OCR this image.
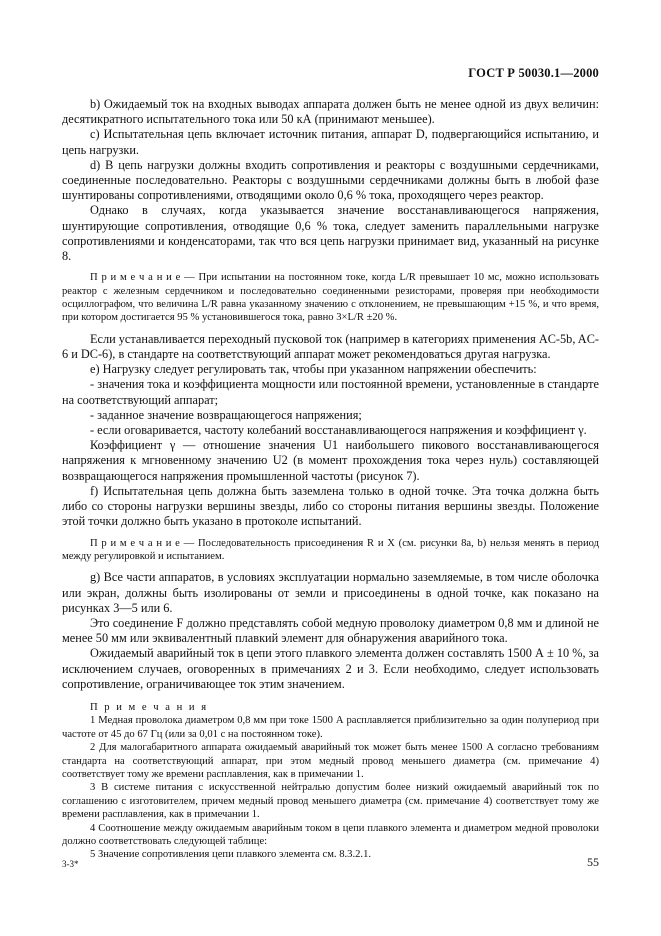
ГОСТ Р 50030.1—2000

b) Ожидаемый ток на входных выводах аппарата должен быть не менее одной из двух величин: десятикратного испытательного тока или 50 кА (принимают меньшее).

c) Испытательная цепь включает источник питания, аппарат D, подвергающийся испытанию, и цепь нагрузки.

d) В цепь нагрузки должны входить сопротивления и реакторы с воздушными сердечниками, соединенные последовательно. Реакторы с воздушными сердечниками должны быть в любой фазе шунтированы сопротивлениями, отводящими около 0,6 % тока, проходящего через реактор.

Однако в случаях, когда указывается значение восстанавливающегося напряжения, шунтирующие сопротивления, отводящие 0,6 % тока, следует заменить параллельными нагрузке сопротивлениями и конденсаторами, так что вся цепь нагрузки принимает вид, указанный на рисунке 8.

П р и м е ч а н и е — При испытании на постоянном токе, когда L/R превышает 10 мс, можно использовать реактор с железным сердечником и последовательно соединенными резисторами, проверяя при необходимости осциллографом, что величина L/R равна указанному значению с отклонением, не превышающим +15 %, и что время, при котором достигается 95 % установившегося тока, равно 3×L/R ±20 %.

Если устанавливается переходный пусковой ток (например в категориях применения AC-5b, AC-6 и DC-6), в стандарте на соответствующий аппарат может рекомендоваться другая нагрузка.

e) Нагрузку следует регулировать так, чтобы при указанном напряжении обеспечить:

- значения тока и коэффициента мощности или постоянной времени, установленные в стандарте на соответствующий аппарат;

- заданное значение возвращающегося напряжения;

- если оговаривается, частоту колебаний восстанавливающегося напряжения и коэффициент γ.

Коэффициент γ — отношение значения U1 наибольшего пикового восстанавливающегося напряжения к мгновенному значению U2 (в момент прохождения тока через нуль) составляющей возвращающегося напряжения промышленной частоты (рисунок 7).

f) Испытательная цепь должна быть заземлена только в одной точке. Эта точка должна быть либо со стороны нагрузки вершины звезды, либо со стороны питания вершины звезды. Положение этой точки должно быть указано в протоколе испытаний.

П р и м е ч а н и е — Последовательность присоединения R и X (см. рисунки 8a, b) нельзя менять в период между регулировкой и испытанием.

g) Все части аппаратов, в условиях эксплуатации нормально заземляемые, в том числе оболочка или экран, должны быть изолированы от земли и присоединены в одной точке, как показано на рисунках 3—5 или 6.

Это соединение F должно представлять собой медную проволоку диаметром 0,8 мм и длиной не менее 50 мм или эквивалентный плавкий элемент для обнаружения аварийного тока.

Ожидаемый аварийный ток в цепи этого плавкого элемента должен составлять 1500 А ± 10 %, за исключением случаев, оговоренных в примечаниях 2 и 3. Если необходимо, следует использовать сопротивление, ограничивающее ток этим значением.

П р и м е ч а н и я

1 Медная проволока диаметром 0,8 мм при токе 1500 А расплавляется приблизительно за один полупериод при частоте от 45 до 67 Гц (или за 0,01 с на постоянном токе).

2 Для малогабаритного аппарата ожидаемый аварийный ток может быть менее 1500 А согласно требованиям стандарта на соответствующий аппарат, при этом медный провод меньшего диаметра (см. примечание 4) соответствует тому же времени расплавления, как в примечании 1.

3 В системе питания с искусственной нейтралью допустим более низкий ожидаемый аварийный ток по соглашению с изготовителем, причем медный провод меньшего диаметра (см. примечание 4) соответствует тому же времени расплавления, как в примечании 1.

4 Соотношение между ожидаемым аварийным током в цепи плавкого элемента и диаметром медной проволоки должно соответствовать следующей таблице:

5 Значение сопротивления цепи плавкого элемента см. 8.3.2.1.

3-3*	55
